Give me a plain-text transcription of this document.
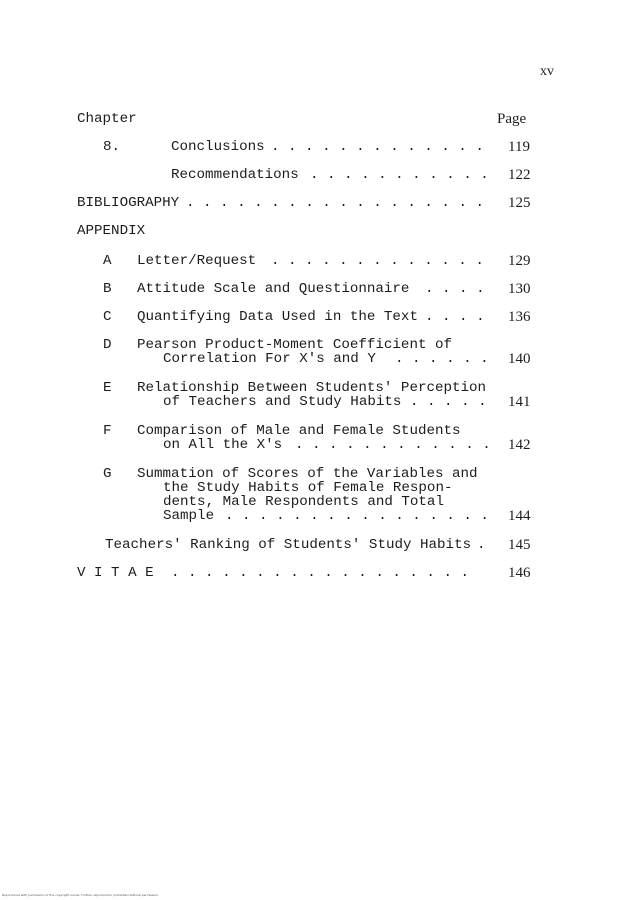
xv
Chapter	Page
8.	Conclusions . . . . . . . . . . . . . 119
Recommendations . . . . . . . . . . . 122
BIBLIOGRAPHY . . . . . . . . . . . . . . . . . . 125
APPENDIX
A Letter/Request . . . . . . . . . . . . . 129
B Attitude Scale and Questionnaire . . . . 130
C Quantifying Data Used in the Text . . . . 136
D Pearson Product-Moment Coefficient of
Correlation For X's and Y . . . . . . 140
E Relationship Between Students' Perception
of Teachers and Study Habits . . . . . 141
F Comparison of Male and Female Students
on All the X's . . . . . . . . . . . . 142
G Summation of Scores of the Variables and
the Study Habits of Female Respon-
dents, Male Respondents and Total
Sample . . . . . . . . . . . . . . . . 144
Teachers' Ranking of Students' Study Habits . 145
V I T A E . . . . . . . . . . . . . . . . . .	146
Reproduced with permission of the copyright owner. Further reproduction prohibited without permission.
